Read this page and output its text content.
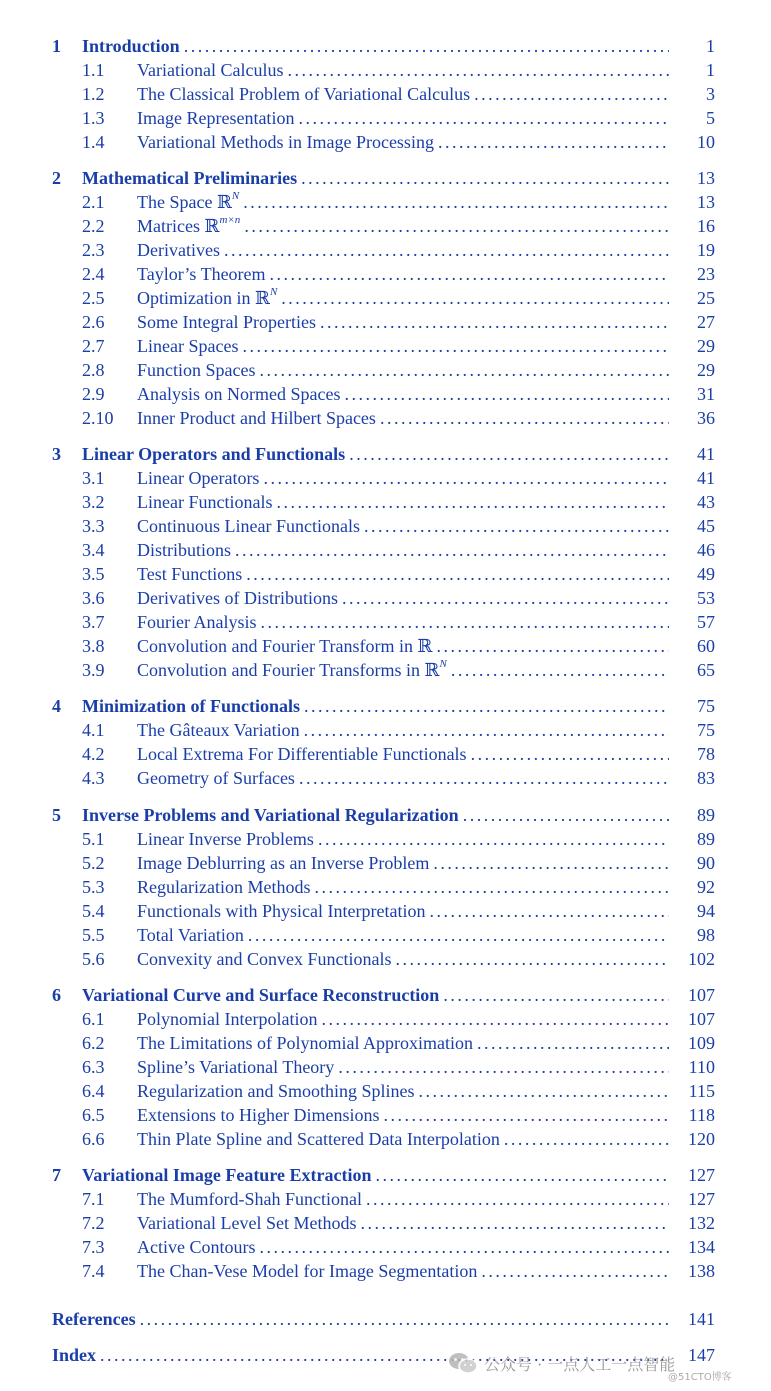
1	Introduction . . .	1
1.1	Variational Calculus . . .	1
1.2	The Classical Problem of Variational Calculus . . .	3
1.3	Image Representation . . .	5
1.4	Variational Methods in Image Processing . . .	10
2	Mathematical Preliminaries . . .	13
2.1	The Space ℝ$^N$ . . .	13
2.2	Matrices ℝ$^{m\times n}$ . . .	16
2.3	Derivatives . . .	19
2.4	Taylor’s Theorem . . .	23
2.5	Optimization in ℝ$^N$ . . .	25
2.6	Some Integral Properties . . .	27
2.7	Linear Spaces . . .	29
2.8	Function Spaces . . .	29
2.9	Analysis on Normed Spaces . . .	31
2.10	Inner Product and Hilbert Spaces . . .	36
3	Linear Operators and Functionals . . .	41
3.1	Linear Operators . . .	41
3.2	Linear Functionals . . .	43
3.3	Continuous Linear Functionals . . .	45
3.4	Distributions . . .	46
3.5	Test Functions . . .	49
3.6	Derivatives of Distributions . . .	53
3.7	Fourier Analysis . . .	57
3.8	Convolution and Fourier Transform in ℝ . . .	60
3.9	Convolution and Fourier Transforms in ℝ$^N$ . . .	65
4	Minimization of Functionals . . .	75
4.1	The Gâteaux Variation . . .	75
4.2	Local Extrema For Differentiable Functionals . . .	78
4.3	Geometry of Surfaces . . .	83
5	Inverse Problems and Variational Regularization . . .	89
5.1	Linear Inverse Problems . . .	89
5.2	Image Deblurring as an Inverse Problem . . .	90
5.3	Regularization Methods . . .	92
5.4	Functionals with Physical Interpretation . . .	94
5.5	Total Variation . . .	98
5.6	Convexity and Convex Functionals . . .	102
6	Variational Curve and Surface Reconstruction . . .	107
6.1	Polynomial Interpolation . . .	107
6.2	The Limitations of Polynomial Approximation . . .	109
6.3	Spline’s Variational Theory . . .	110
6.4	Regularization and Smoothing Splines . . .	115
6.5	Extensions to Higher Dimensions . . .	118
6.6	Thin Plate Spline and Scattered Data Interpolation . . .	120
7	Variational Image Feature Extraction . . .	127
7.1	The Mumford-Shah Functional . . .	127
7.2	Variational Level Set Methods . . .	132
7.3	Active Contours . . .	134
7.4	The Chan-Vese Model for Image Segmentation . . .	138
References . . .	141
Index . . .	147
公众号 · 一点人工一点智能
@51CTO博客
